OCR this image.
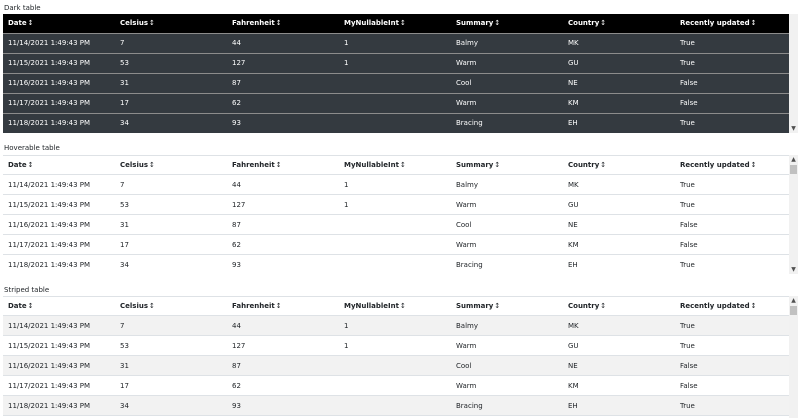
Dark table
Date↕	Celsius↕	Fahrenheit↕	MyNullableInt↕	Summary↕	Country↕	Recently updated↕
11/14/2021 1:49:43 PM	7	44	1	Balmy	MK	True
11/15/2021 1:49:43 PM	53	127	1	Warm	GU	True
11/16/2021 1:49:43 PM	31	87		Cool	NE	False
11/17/2021 1:49:43 PM	17	62		Warm	KM	False
11/18/2021 1:49:43 PM	34	93		Bracing	EH	True
▼
Hoverable table
Date↕	Celsius↕	Fahrenheit↕	MyNullableInt↕	Summary↕	Country↕	Recently updated↕
11/14/2021 1:49:43 PM	7	44	1	Balmy	MK	True
11/15/2021 1:49:43 PM	53	127	1	Warm	GU	True
11/16/2021 1:49:43 PM	31	87		Cool	NE	False
11/17/2021 1:49:43 PM	17	62		Warm	KM	False
11/18/2021 1:49:43 PM	34	93		Bracing	EH	True
▲
▼
Striped table
Date↕	Celsius↕	Fahrenheit↕	MyNullableInt↕	Summary↕	Country↕	Recently updated↕
11/14/2021 1:49:43 PM	7	44	1	Balmy	MK	True
11/15/2021 1:49:43 PM	53	127	1	Warm	GU	True
11/16/2021 1:49:43 PM	31	87		Cool	NE	False
11/17/2021 1:49:43 PM	17	62		Warm	KM	False
11/18/2021 1:49:43 PM	34	93		Bracing	EH	True
▲
